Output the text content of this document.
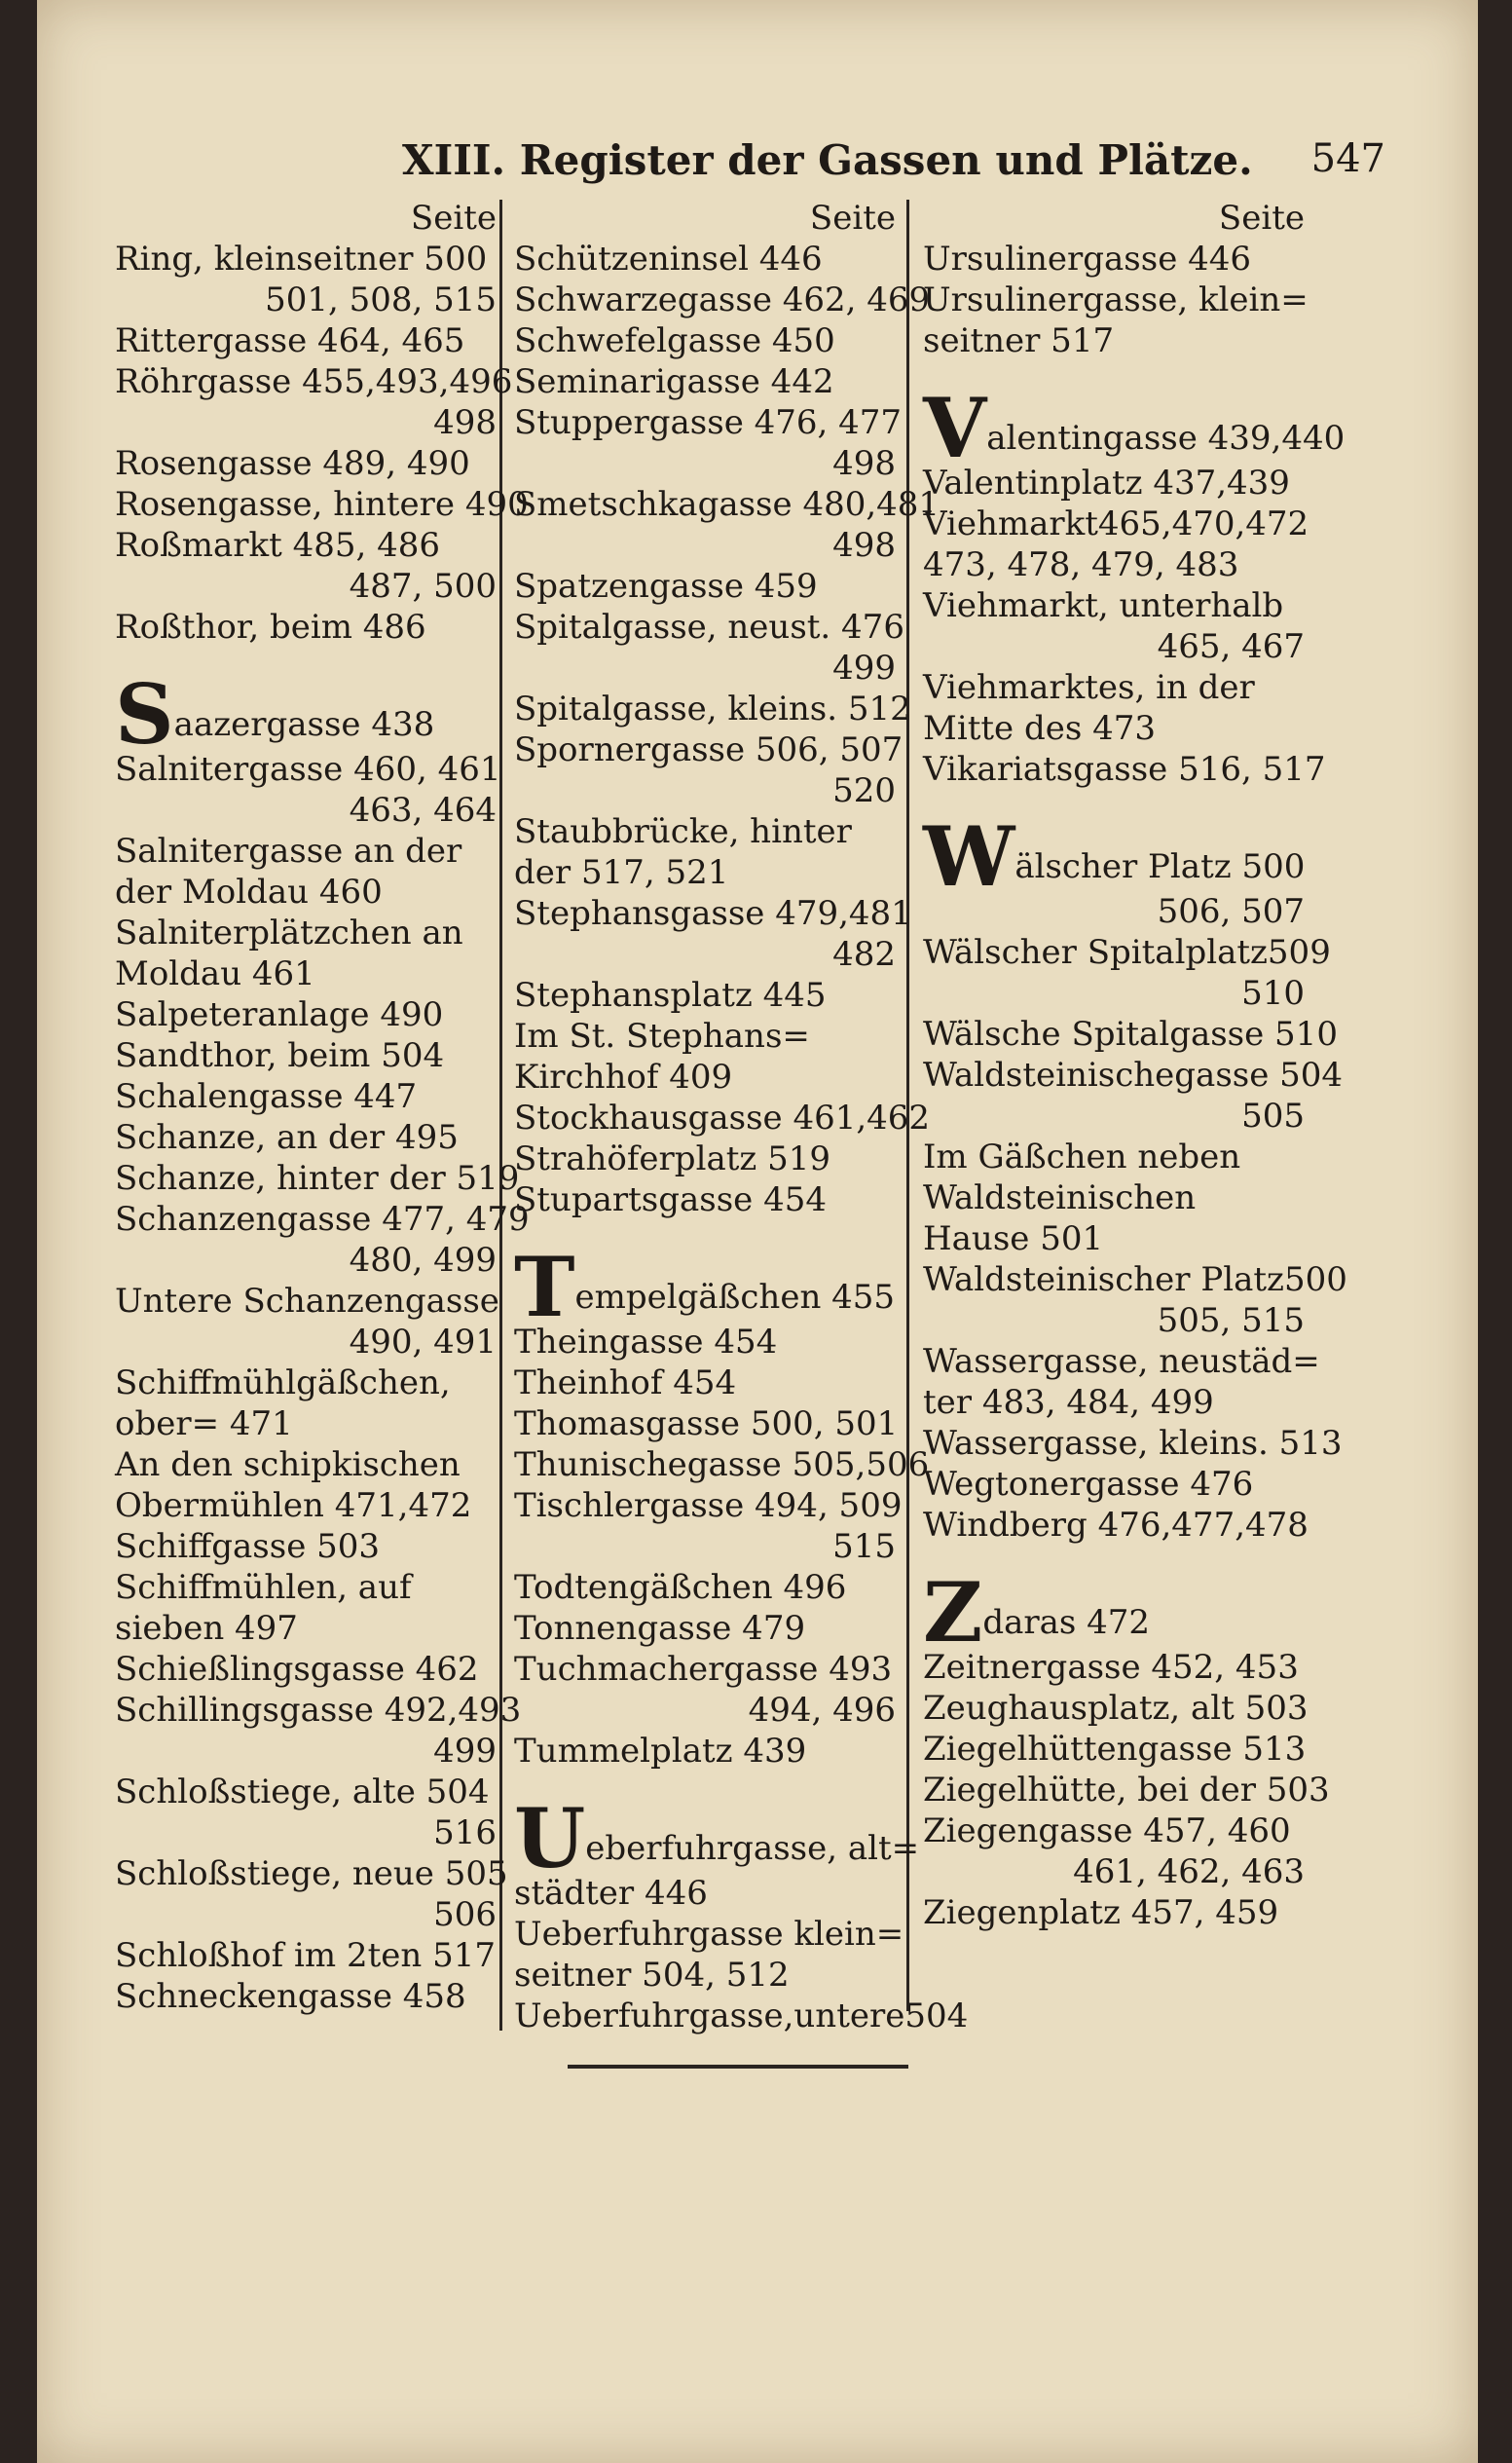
XIII. Register der Gassen und Plätze. 547
Seite
Ring, kleinseitner 500
501, 508, 515
Rittergasse 464, 465
Röhrgasse 455,493,496
498
Rosengasse 489, 490
Rosengasse, hintere 490
Roßmarkt 485, 486
487, 500
Roßthor, beim 486
Saazergasse 438
Salnitergasse 460, 461
463, 464
Salnitergasse an der
der Moldau 460
Salniterplätzchen an
Moldau 461
Salpeteranlage 490
Sandthor, beim 504
Schalengasse 447
Schanze, an der 495
Schanze, hinter der 519
Schanzengasse 477, 479
480, 499
Untere Schanzengasse
490, 491
Schiffmühlgäßchen,
ober= 471
An den schipkischen
Obermühlen 471,472
Schiffgasse 503
Schiffmühlen, auf
sieben 497
Schießlingsgasse 462
Schillingsgasse 492,493
499
Schloßstiege, alte 504
516
Schloßstiege, neue 505
506
Schloßhof im 2ten 517
Schneckengasse 458
Seite
Schützeninsel 446
Schwarzegasse 462, 469
Schwefelgasse 450
Seminarigasse 442
Stuppergasse 476, 477
498
Smetschkagasse 480,481
498
Spatzengasse 459
Spitalgasse, neust. 476
499
Spitalgasse, kleins. 512
Spornergasse 506, 507
520
Staubbrücke, hinter
der 517, 521
Stephansgasse 479,481
482
Stephansplatz 445
Im St. Stephans=
Kirchhof 409
Stockhausgasse 461,462
Strahöferplatz 519
Stupartsgasse 454
Tempelgäßchen 455
Theingasse 454
Theinhof 454
Thomasgasse 500, 501
Thunischegasse 505,506
Tischlergasse 494, 509
515
Todtengäßchen 496
Tonnengasse 479
Tuchmachergasse 493
494, 496
Tummelplatz 439
Ueberfuhrgasse, alt=
städter 446
Ueberfuhrgasse klein=
seitner 504, 512
Ueberfuhrgasse,untere504
Seite
Ursulinergasse 446
Ursulinergasse, klein=
seitner 517
Valentingasse 439,440
Valentinplatz 437,439
Viehmarkt465,470,472
473, 478, 479, 483
Viehmarkt, unterhalb
465, 467
Viehmarktes, in der
Mitte des 473
Vikariatsgasse 516, 517
Wälscher Platz 500
506, 507
Wälscher Spitalplatz509
510
Wälsche Spitalgasse 510
Waldsteinischegasse 504
505
Im Gäßchen neben
Waldsteinischen
Hause 501
Waldsteinischer Platz500
505, 515
Wassergasse, neustäd=
ter 483, 484, 499
Wassergasse, kleins. 513
Wegtonergasse 476
Windberg 476,477,478
Zdaras 472
Zeitnergasse 452, 453
Zeughausplatz, alt 503
Ziegelhüttengasse 513
Ziegelhütte, bei der 503
Ziegengasse 457, 460
461, 462, 463
Ziegenplatz 457, 459
